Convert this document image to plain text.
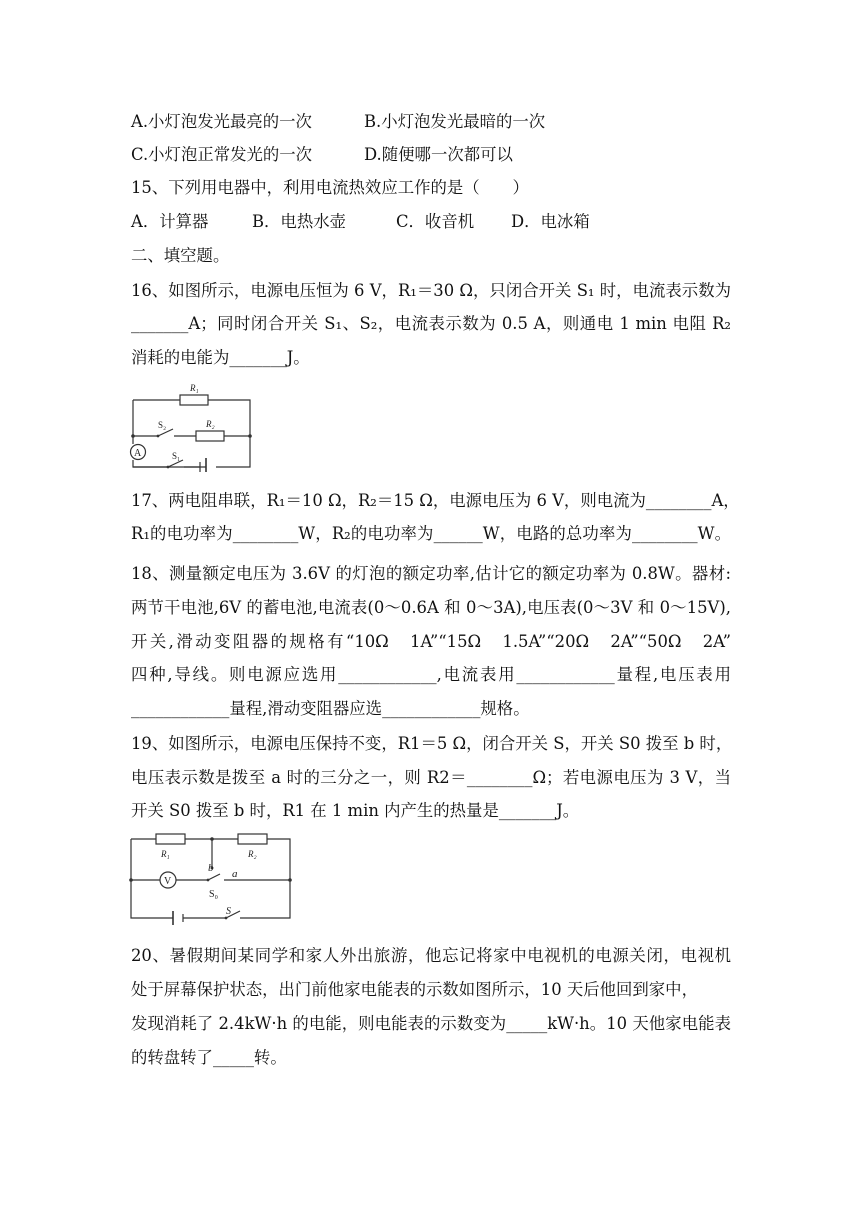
A.小灯泡发光最亮的一次	B.小灯泡发光最暗的一次
C.小灯泡正常发光的一次	D.随便哪一次都可以
15、下列用电器中，利用电流热效应工作的是（　　）
A．计算器	B．电热水壶	C．收音机 D．电冰箱
二、填空题。
16、如图所示，电源电压恒为 6 V，R₁＝30 Ω，只闭合开关 S₁ 时，电流表示数为
_______A；同时闭合开关 S₁、S₂，电流表示数为 0.5 A，则通电 1 min 电阻 R₂
消耗的电能为_______J。
R₁
R₂
S₂
S₁
A
17、两电阻串联，R₁＝10 Ω，R₂＝15 Ω，电源电压为 6 V，则电流为________A，
R₁的电功率为________W，R₂的电功率为______W，电路的总功率为________W。
18、测量额定电压为 3.6V 的灯泡的额定功率,估计它的额定功率为 0.8W。器材:
两节干电池,6V 的蓄电池,电流表(0～0.6A 和 0～3A),电压表(0～3V 和 0～15V),
开关,滑动变阻器的规格有“10Ω　1A”“15Ω　1.5A”“20Ω　2A”“50Ω　2A”
四种,导线。则电源应选用____________,电流表用____________量程,电压表用
____________量程,滑动变阻器应选____________规格。
19、如图所示，电源电压保持不变，R1＝5 Ω，闭合开关 S，开关 S0 拨至 b 时，
电压表示数是拨至 a 时的三分之一，则 R2＝________Ω；若电源电压为 3 V，当
开关 S0 拨至 b 时，R1 在 1 min 内产生的热量是_______J。
R₁	R₂
V
b a
S₀
S
20、暑假期间某同学和家人外出旅游，他忘记将家中电视机的电源关闭，电视机
处于屏幕保护状态，出门前他家电能表的示数如图所示，10 天后他回到家中，
发现消耗了 2.4kW·h 的电能，则电能表的示数变为_____kW·h。10 天他家电能表
的转盘转了_____转。
